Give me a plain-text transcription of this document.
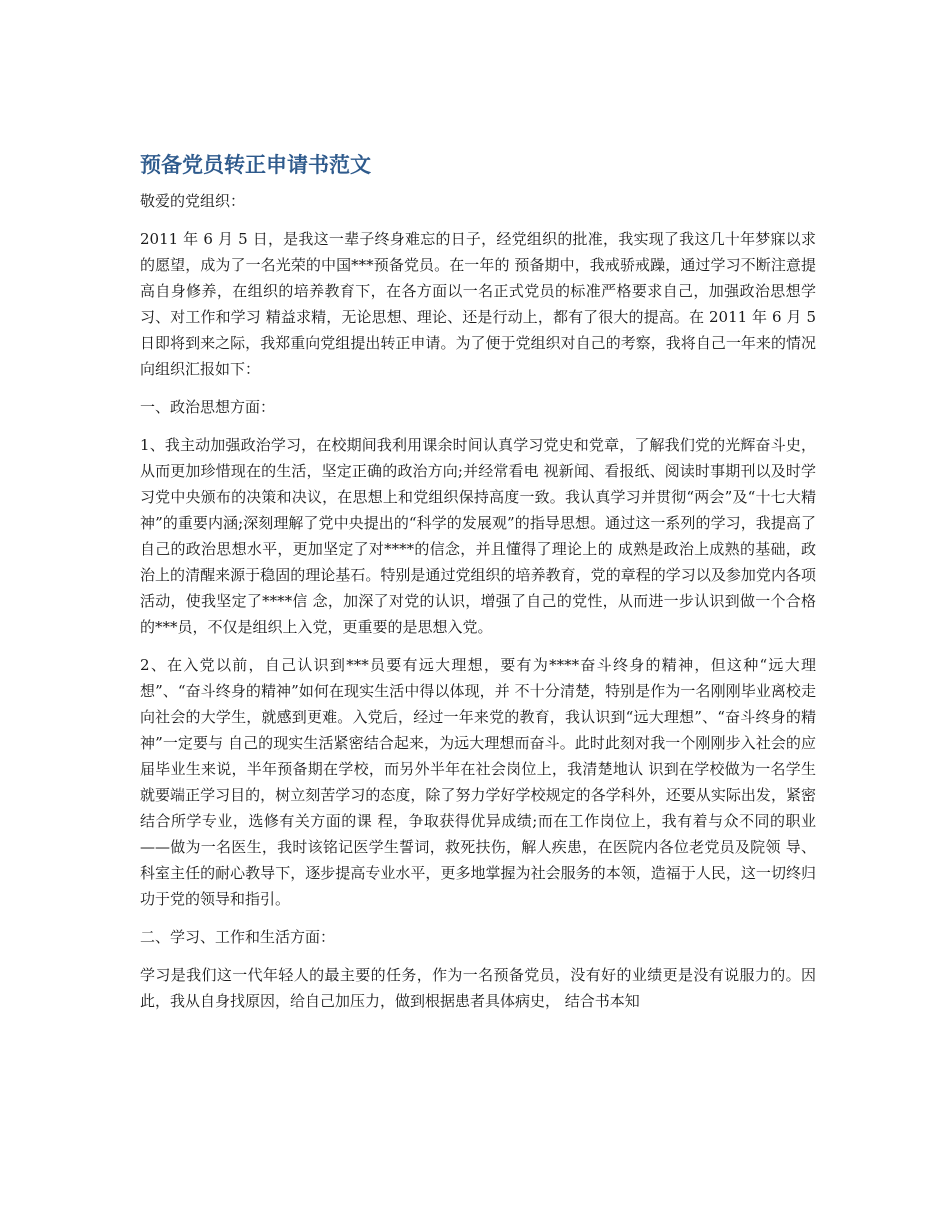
预备党员转正申请书范文

敬爱的党组织：

2011 年 6 月 5 日，是我这一辈子终身难忘的日子，经党组织的批准，我实现了我这几十年梦寐以求的愿望，成为了一名光荣的中国***预备党员。在一年的 预备期中，我戒骄戒躁，通过学习不断注意提高自身修养，在组织的培养教育下，在各方面以一名正式党员的标准严格要求自己，加强政治思想学习、对工作和学习 精益求精，无论思想、理论、还是行动上，都有了很大的提高。在 2011 年 6 月 5 日即将到来之际，我郑重向党组提出转正申请。为了便于党组织对自己的考察，我将自己一年来的情况向组织汇报如下：

一、政治思想方面：

1、我主动加强政治学习，在校期间我利用课余时间认真学习党史和党章，了解我们党的光辉奋斗史，从而更加珍惜现在的生活，坚定正确的政治方向;并经常看电 视新闻、看报纸、阅读时事期刊以及时学习党中央颁布的决策和决议，在思想上和党组织保持高度一致。我认真学习并贯彻“两会”及“十七大精神”的重要内涵;深刻理解了党中央提出的“科学的发展观”的指导思想。通过这一系列的学习，我提高了自己的政治思想水平，更加坚定了对****的信念，并且懂得了理论上的 成熟是政治上成熟的基础，政治上的清醒来源于稳固的理论基石。特别是通过党组织的培养教育，党的章程的学习以及参加党内各项活动，使我坚定了****信 念，加深了对党的认识，增强了自己的党性，从而进一步认识到做一个合格的***员，不仅是组织上入党，更重要的是思想入党。

2、在入党以前，自己认识到***员要有远大理想，要有为****奋斗终身的精神，但这种“远大理想”、“奋斗终身的精神”如何在现实生活中得以体现，并 不十分清楚，特别是作为一名刚刚毕业离校走向社会的大学生，就感到更难。入党后，经过一年来党的教育，我认识到“远大理想”、“奋斗终身的精神”一定要与 自己的现实生活紧密结合起来，为远大理想而奋斗。此时此刻对我一个刚刚步入社会的应届毕业生来说，半年预备期在学校，而另外半年在社会岗位上，我清楚地认 识到在学校做为一名学生就要端正学习目的，树立刻苦学习的态度，除了努力学好学校规定的各学科外，还要从实际出发，紧密结合所学专业，选修有关方面的课 程，争取获得优异成绩;而在工作岗位上，我有着与众不同的职业——做为一名医生，我时该铭记医学生誓词，救死扶伤，解人疾患，在医院内各位老党员及院领 导、科室主任的耐心教导下，逐步提高专业水平，更多地掌握为社会服务的本领，造福于人民，这一切终归功于党的领导和指引。

二、学习、工作和生活方面：

学习是我们这一代年轻人的最主要的任务，作为一名预备党员，没有好的业绩更是没有说服力的。因此，我从自身找原因，给自己加压力，做到根据患者具体病史， 结合书本知
